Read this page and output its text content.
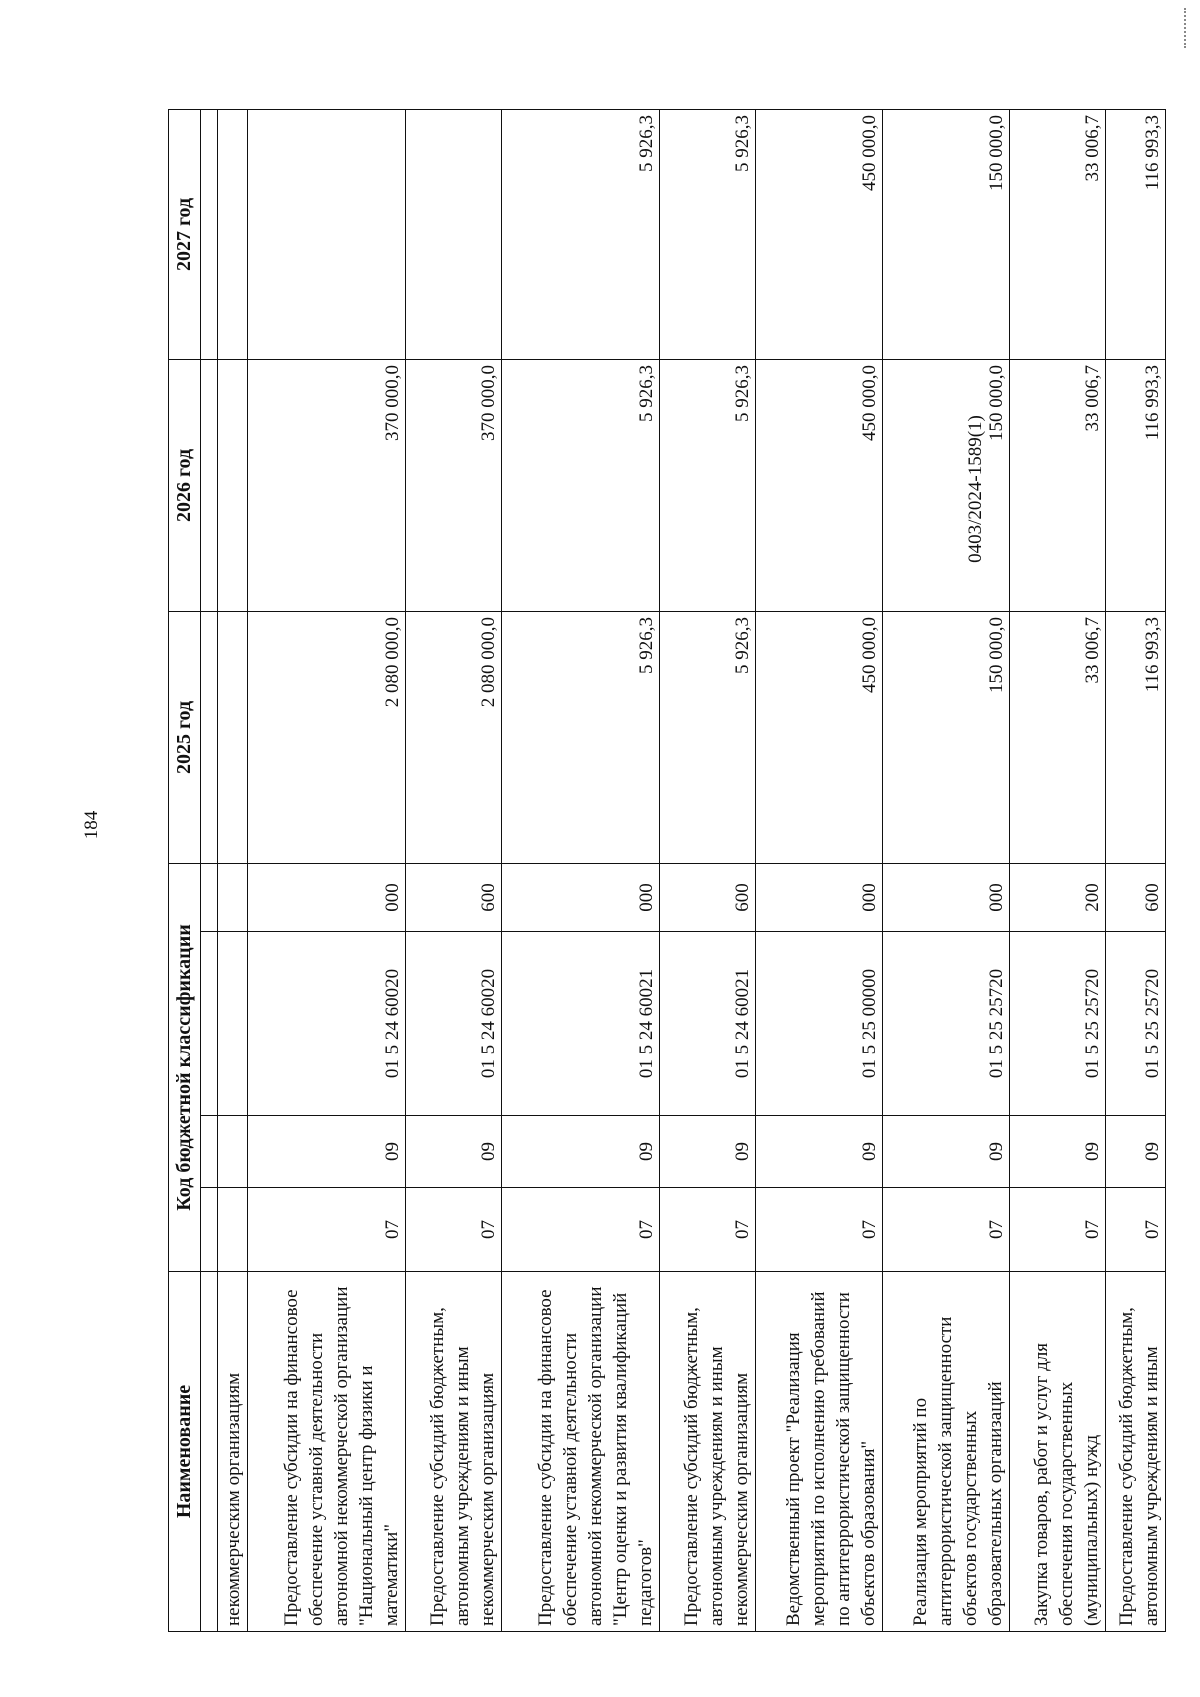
184
0403/2024-1589(1)
Наименование	Код бюджетной классификации				2025 год	2026 год	2027 год

некоммерческим организациям							
Предоставление субсидии на финансовое обеспечение уставной деятельности автономной некоммерческой организации "Национальный центр физики и математики"	07	09	01 5 24 60020	000	2 080 000,0	370 000,0	
Предоставление субсидий бюджетным, автономным учреждениям и иным некоммерческим организациям	07	09	01 5 24 60020	600	2 080 000,0	370 000,0	
Предоставление субсидии на финансовое обеспечение уставной деятельности автономной некоммерческой организации "Центр оценки и развития квалификаций педагогов"	07	09	01 5 24 60021	000	5 926,3	5 926,3	5 926,3
Предоставление субсидий бюджетным, автономным учреждениям и иным некоммерческим организациям	07	09	01 5 24 60021	600	5 926,3	5 926,3	5 926,3
Ведомственный проект "Реализация мероприятий по исполнению требований по антитеррористической защищенности объектов образования"	07	09	01 5 25 00000	000	450 000,0	450 000,0	450 000,0
Реализация мероприятий по антитеррористической защищенности объектов государственных образовательных организаций	07	09	01 5 25 25720	000	150 000,0	150 000,0	150 000,0
Закупка товаров, работ и услуг для обеспечения государственных (муниципальных) нужд	07	09	01 5 25 25720	200	33 006,7	33 006,7	33 006,7
Предоставление субсидий бюджетным, автономным учреждениям и иным	07	09	01 5 25 25720	600	116 993,3	116 993,3	116 993,3
